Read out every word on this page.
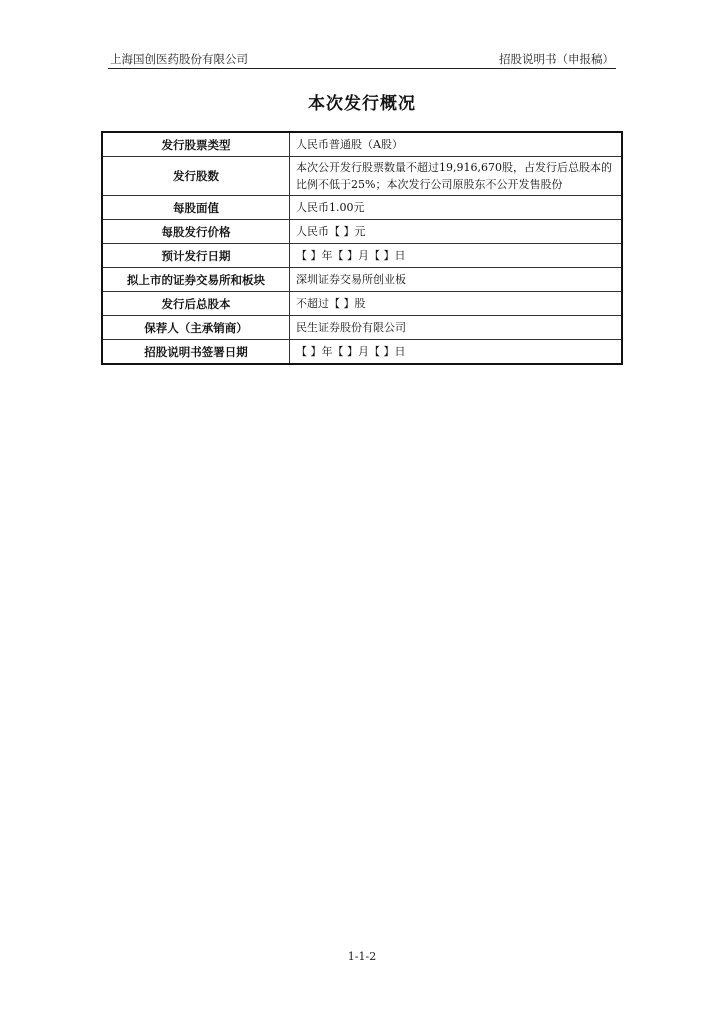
上海国创医药股份有限公司	招股说明书（申报稿）
本次发行概况
发行股票类型	人民币普通股（A股）
发行股数	本次公开发行股票数量不超过19,916,670股，占发行后总股本的比例不低于25%；本次发行公司原股东不公开发售股份
每股面值	人民币1.00元
每股发行价格	人民币【 】元
预计发行日期	【 】年【 】月【 】日
拟上市的证券交易所和板块	深圳证券交易所创业板
发行后总股本	不超过【 】股
保荐人（主承销商）	民生证券股份有限公司
招股说明书签署日期	【 】年【 】月【 】日
1-1-2
